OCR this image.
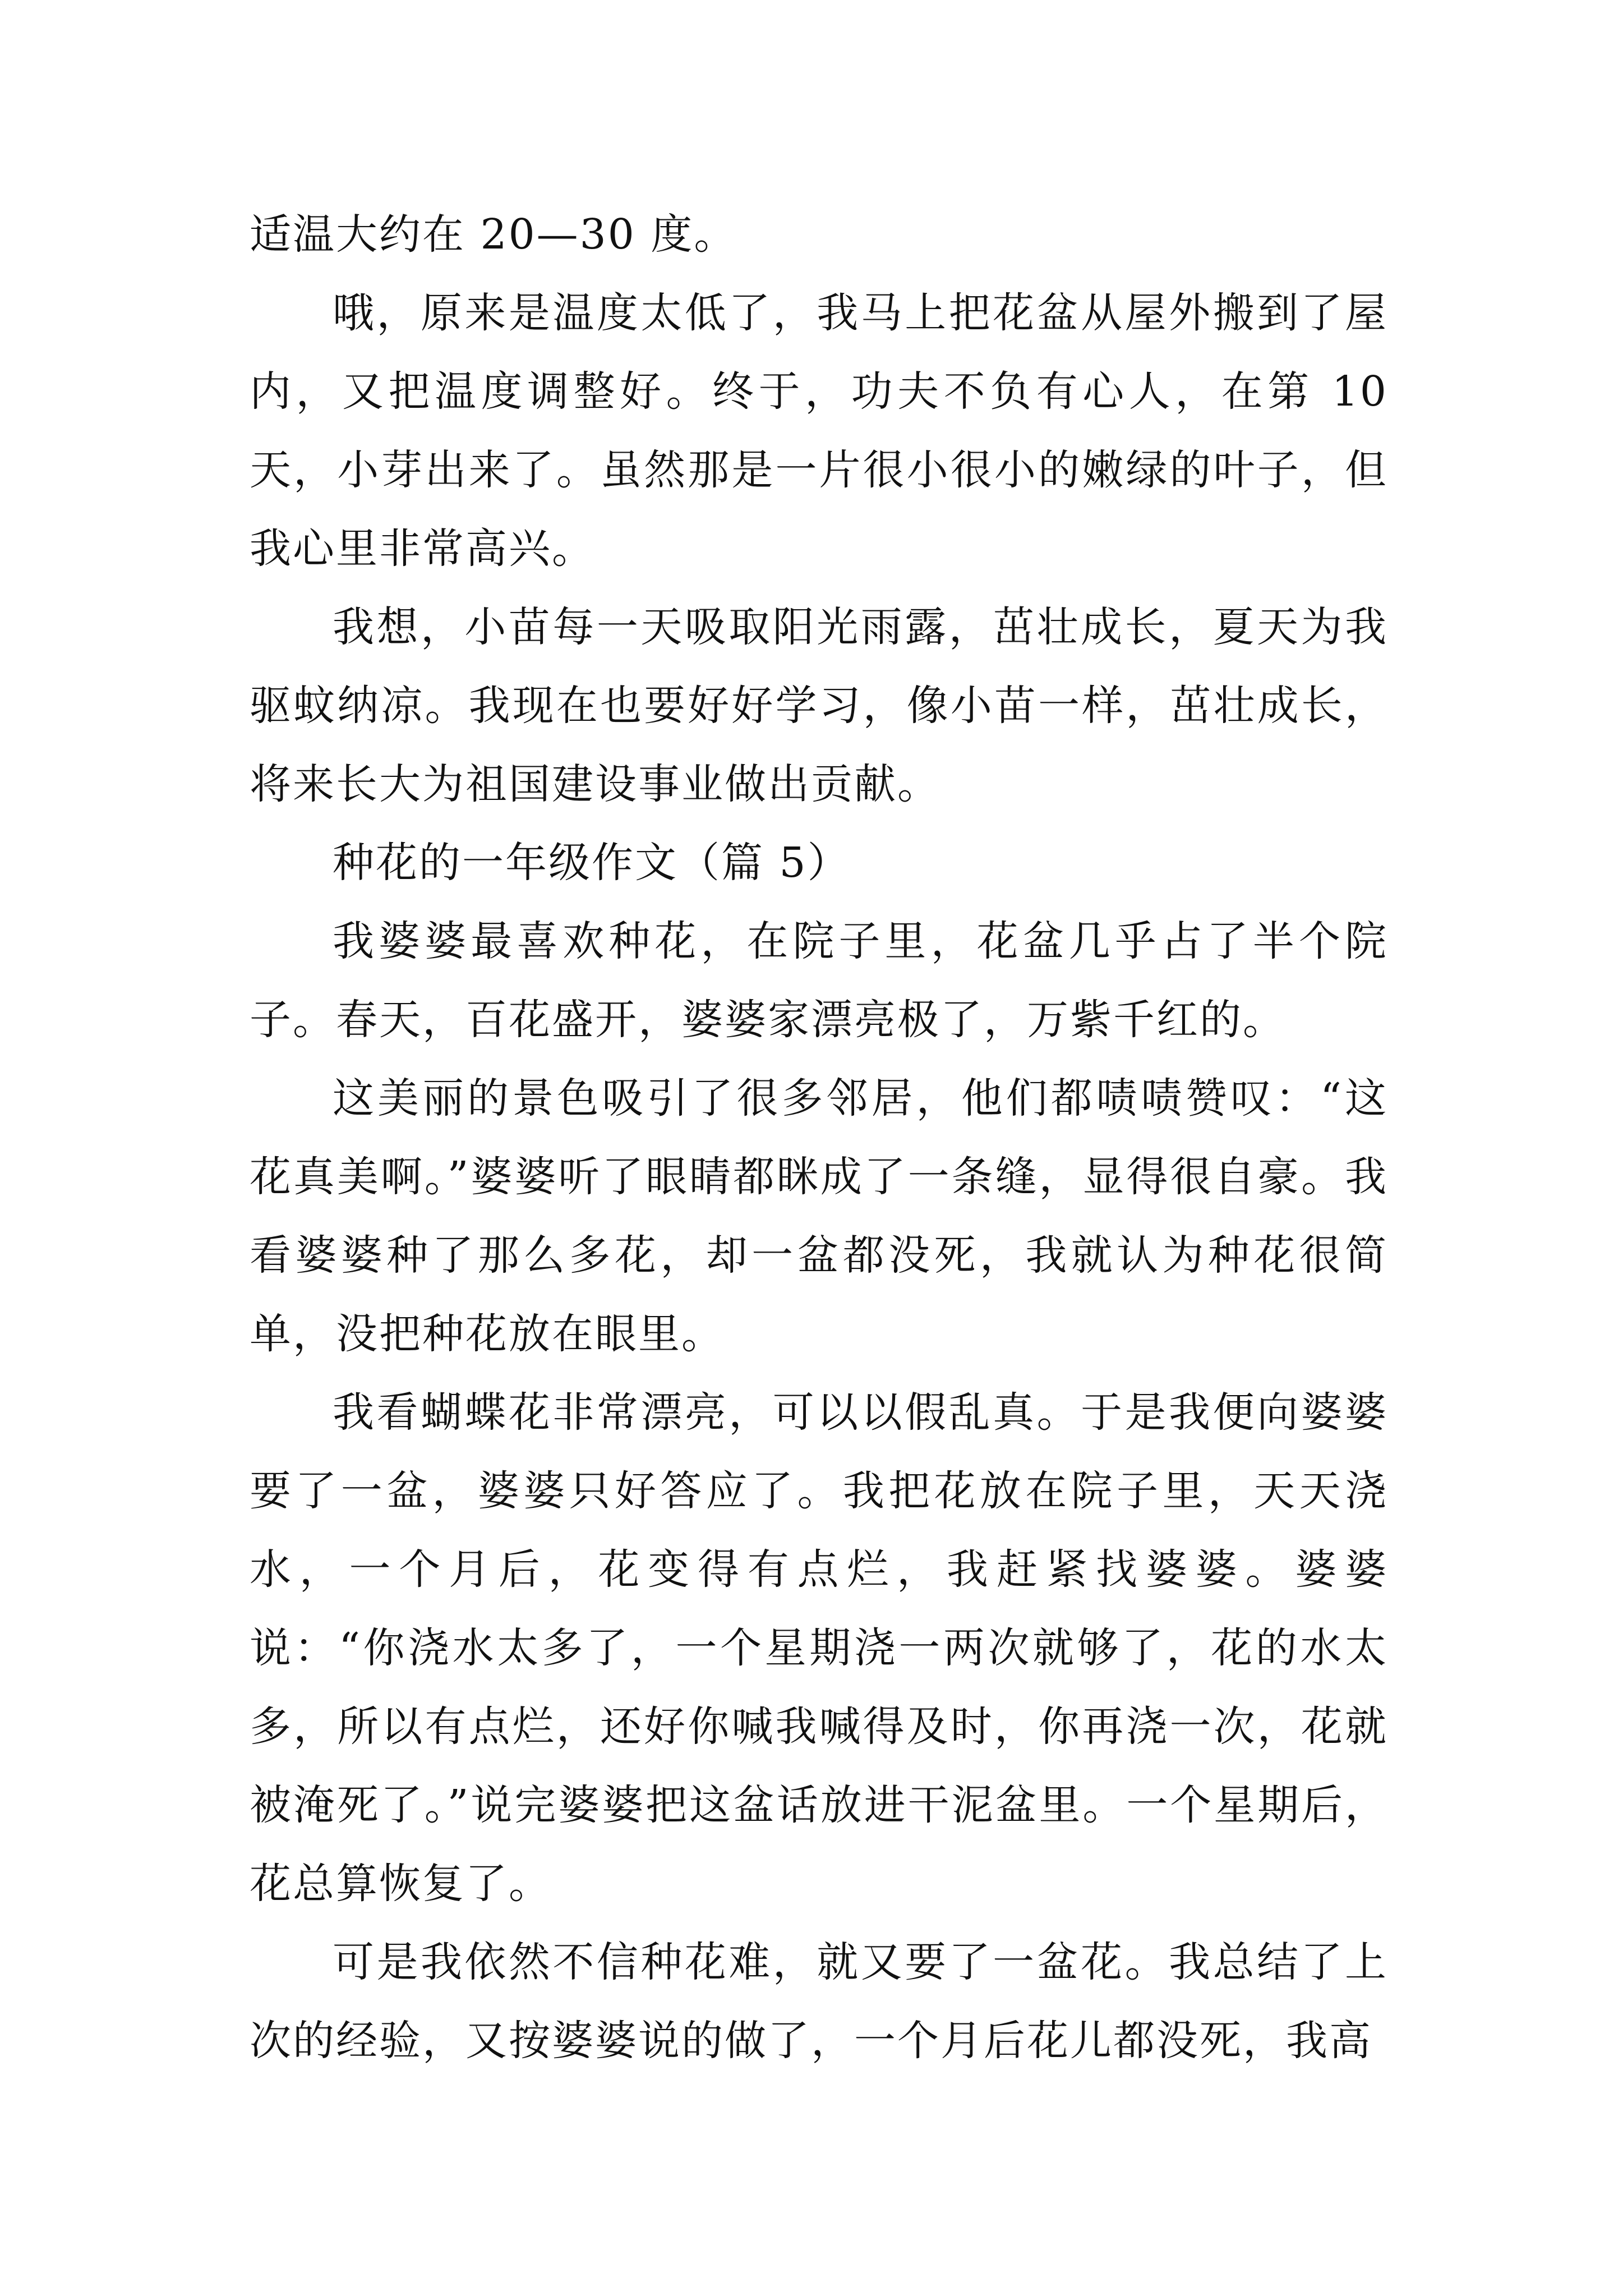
适温大约在 20—30 度。

哦，原来是温度太低了，我马上把花盆从屋外搬到了屋内，又把温度调整好。终于，功夫不负有心人，在第 10 天，小芽出来了。虽然那是一片很小很小的嫩绿的叶子，但我心里非常高兴。

我想，小苗每一天吸取阳光雨露，茁壮成长，夏天为我驱蚊纳凉。我现在也要好好学习，像小苗一样，茁壮成长，将来长大为祖国建设事业做出贡献。

种花的一年级作文（篇 5）

我婆婆最喜欢种花，在院子里，花盆几乎占了半个院子。春天，百花盛开，婆婆家漂亮极了，万紫千红的。

这美丽的景色吸引了很多邻居，他们都啧啧赞叹：“这花真美啊。”婆婆听了眼睛都眯成了一条缝，显得很自豪。我看婆婆种了那么多花，却一盆都没死，我就认为种花很简单，没把种花放在眼里。

我看蝴蝶花非常漂亮，可以以假乱真。于是我便向婆婆要了一盆，婆婆只好答应了。我把花放在院子里，天天浇水，一个月后，花变得有点烂，我赶紧找婆婆。婆婆说：“你浇水太多了，一个星期浇一两次就够了，花的水太多，所以有点烂，还好你喊我喊得及时，你再浇一次，花就被淹死了。”说完婆婆把这盆话放进干泥盆里。一个星期后，花总算恢复了。

可是我依然不信种花难，就又要了一盆花。我总结了上次的经验，又按婆婆说的做了，一个月后花儿都没死，我高
